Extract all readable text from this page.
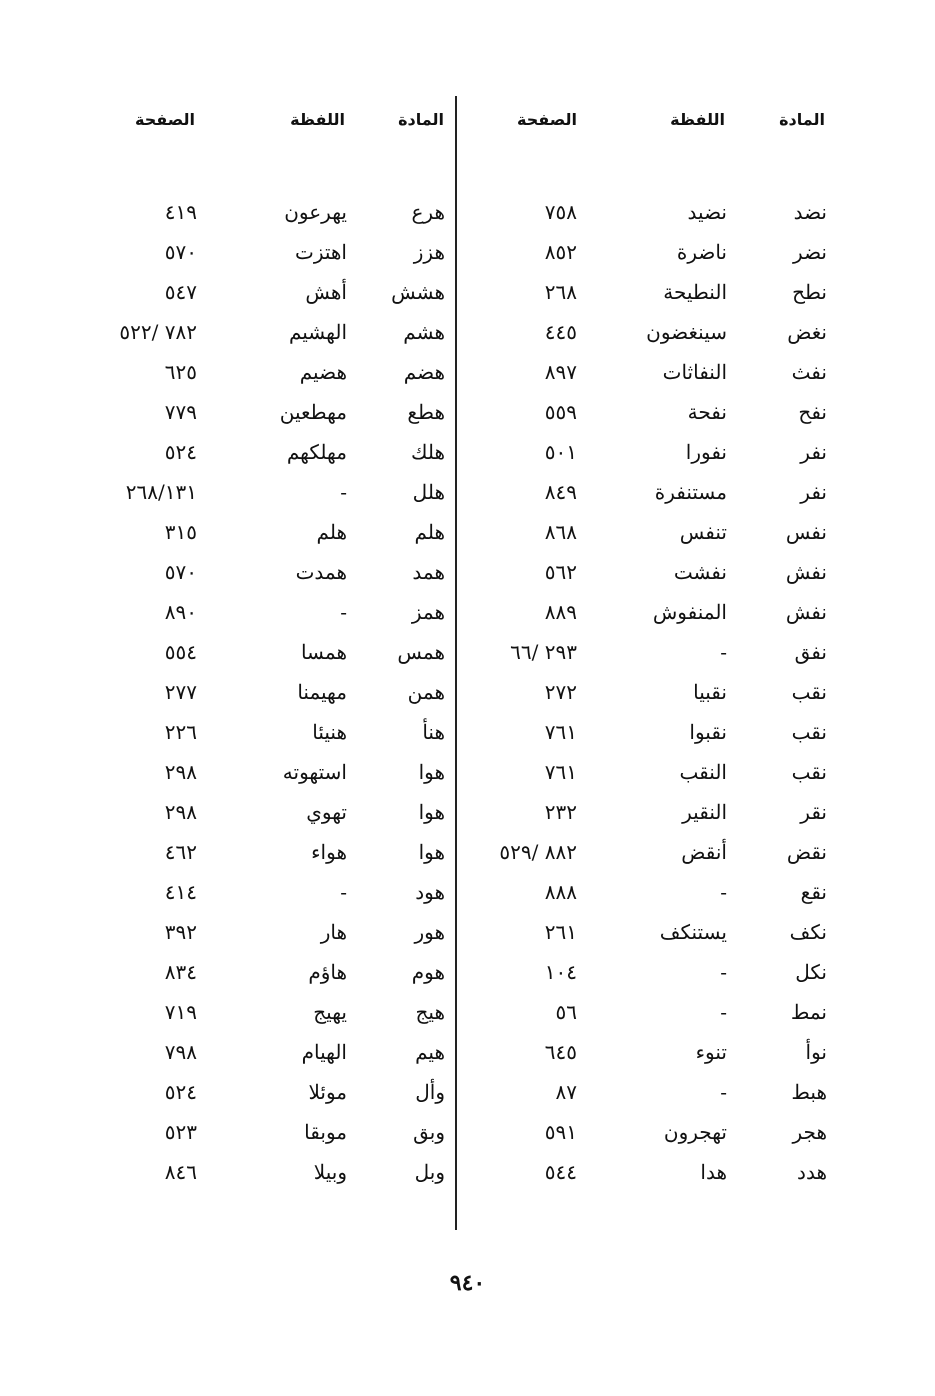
المادة
اللفظة
الصفحة
المادة
اللفظة
الصفحة
نضد
نضر
نطح
نغض
نفث
نفح
نفر
نفر
نفس
نفش
نفش
نفق
نقب
نقب
نقب
نقر
نقض
نقع
نكف
نكل
نمط
نوأ
هبط
هجر
هدد
نضيد
ناضرة
النطيحة
سينغضون
النفاثات
نفحة
نفورا
مستنفرة
تنفس
نفشت
المنفوش
-
نقبيا
نقبوا
النقب
النقير
أنقض
-
يستنكف
-
-
تنوء
-
تهجرون
هدا
٧٥٨
٨٥٢
٢٦٨
٤٤٥
٨٩٧
٥٥٩
٥٠١
٨٤٩
٨٦٨
٥٦٢
٨٨٩
٢٩٣ /٦٦
٢٧٢
٧٦١
٧٦١
٢٣٢
٨٨٢ /٥٢٩
٨٨٨
٢٦١
١٠٤
٥٦
٦٤٥
٨٧
٥٩١
٥٤٤
هرع
هزز
هشش
هشم
هضم
هطع
هلك
هلل
هلم
همد
همز
همس
همن
هنأ
هوا
هوا
هوا
هود
هور
هوم
هيج
هيم
وأل
وبق
وبل
يهرعون
اهتزت
أهش
الهشيم
هضيم
مهطعين
مهلكهم
-
هلم
همدت
-
همسا
مهيمنا
هنيئا
استهوته
تهوي
هواء
-
هار
هاؤم
يهيج
الهيام
موئلا
موبقا
وبيلا
٤١٩
٥٧٠
٥٤٧
٧٨٢ /٥٢٢
٦٢٥
٧٧٩
٥٢٤
٢٦٨/١٣١
٣١٥
٥٧٠
٨٩٠
٥٥٤
٢٧٧
٢٢٦
٢٩٨
٢٩٨
٤٦٢
٤١٤
٣٩٢
٨٣٤
٧١٩
٧٩٨
٥٢٤
٥٢٣
٨٤٦
٩٤٠
